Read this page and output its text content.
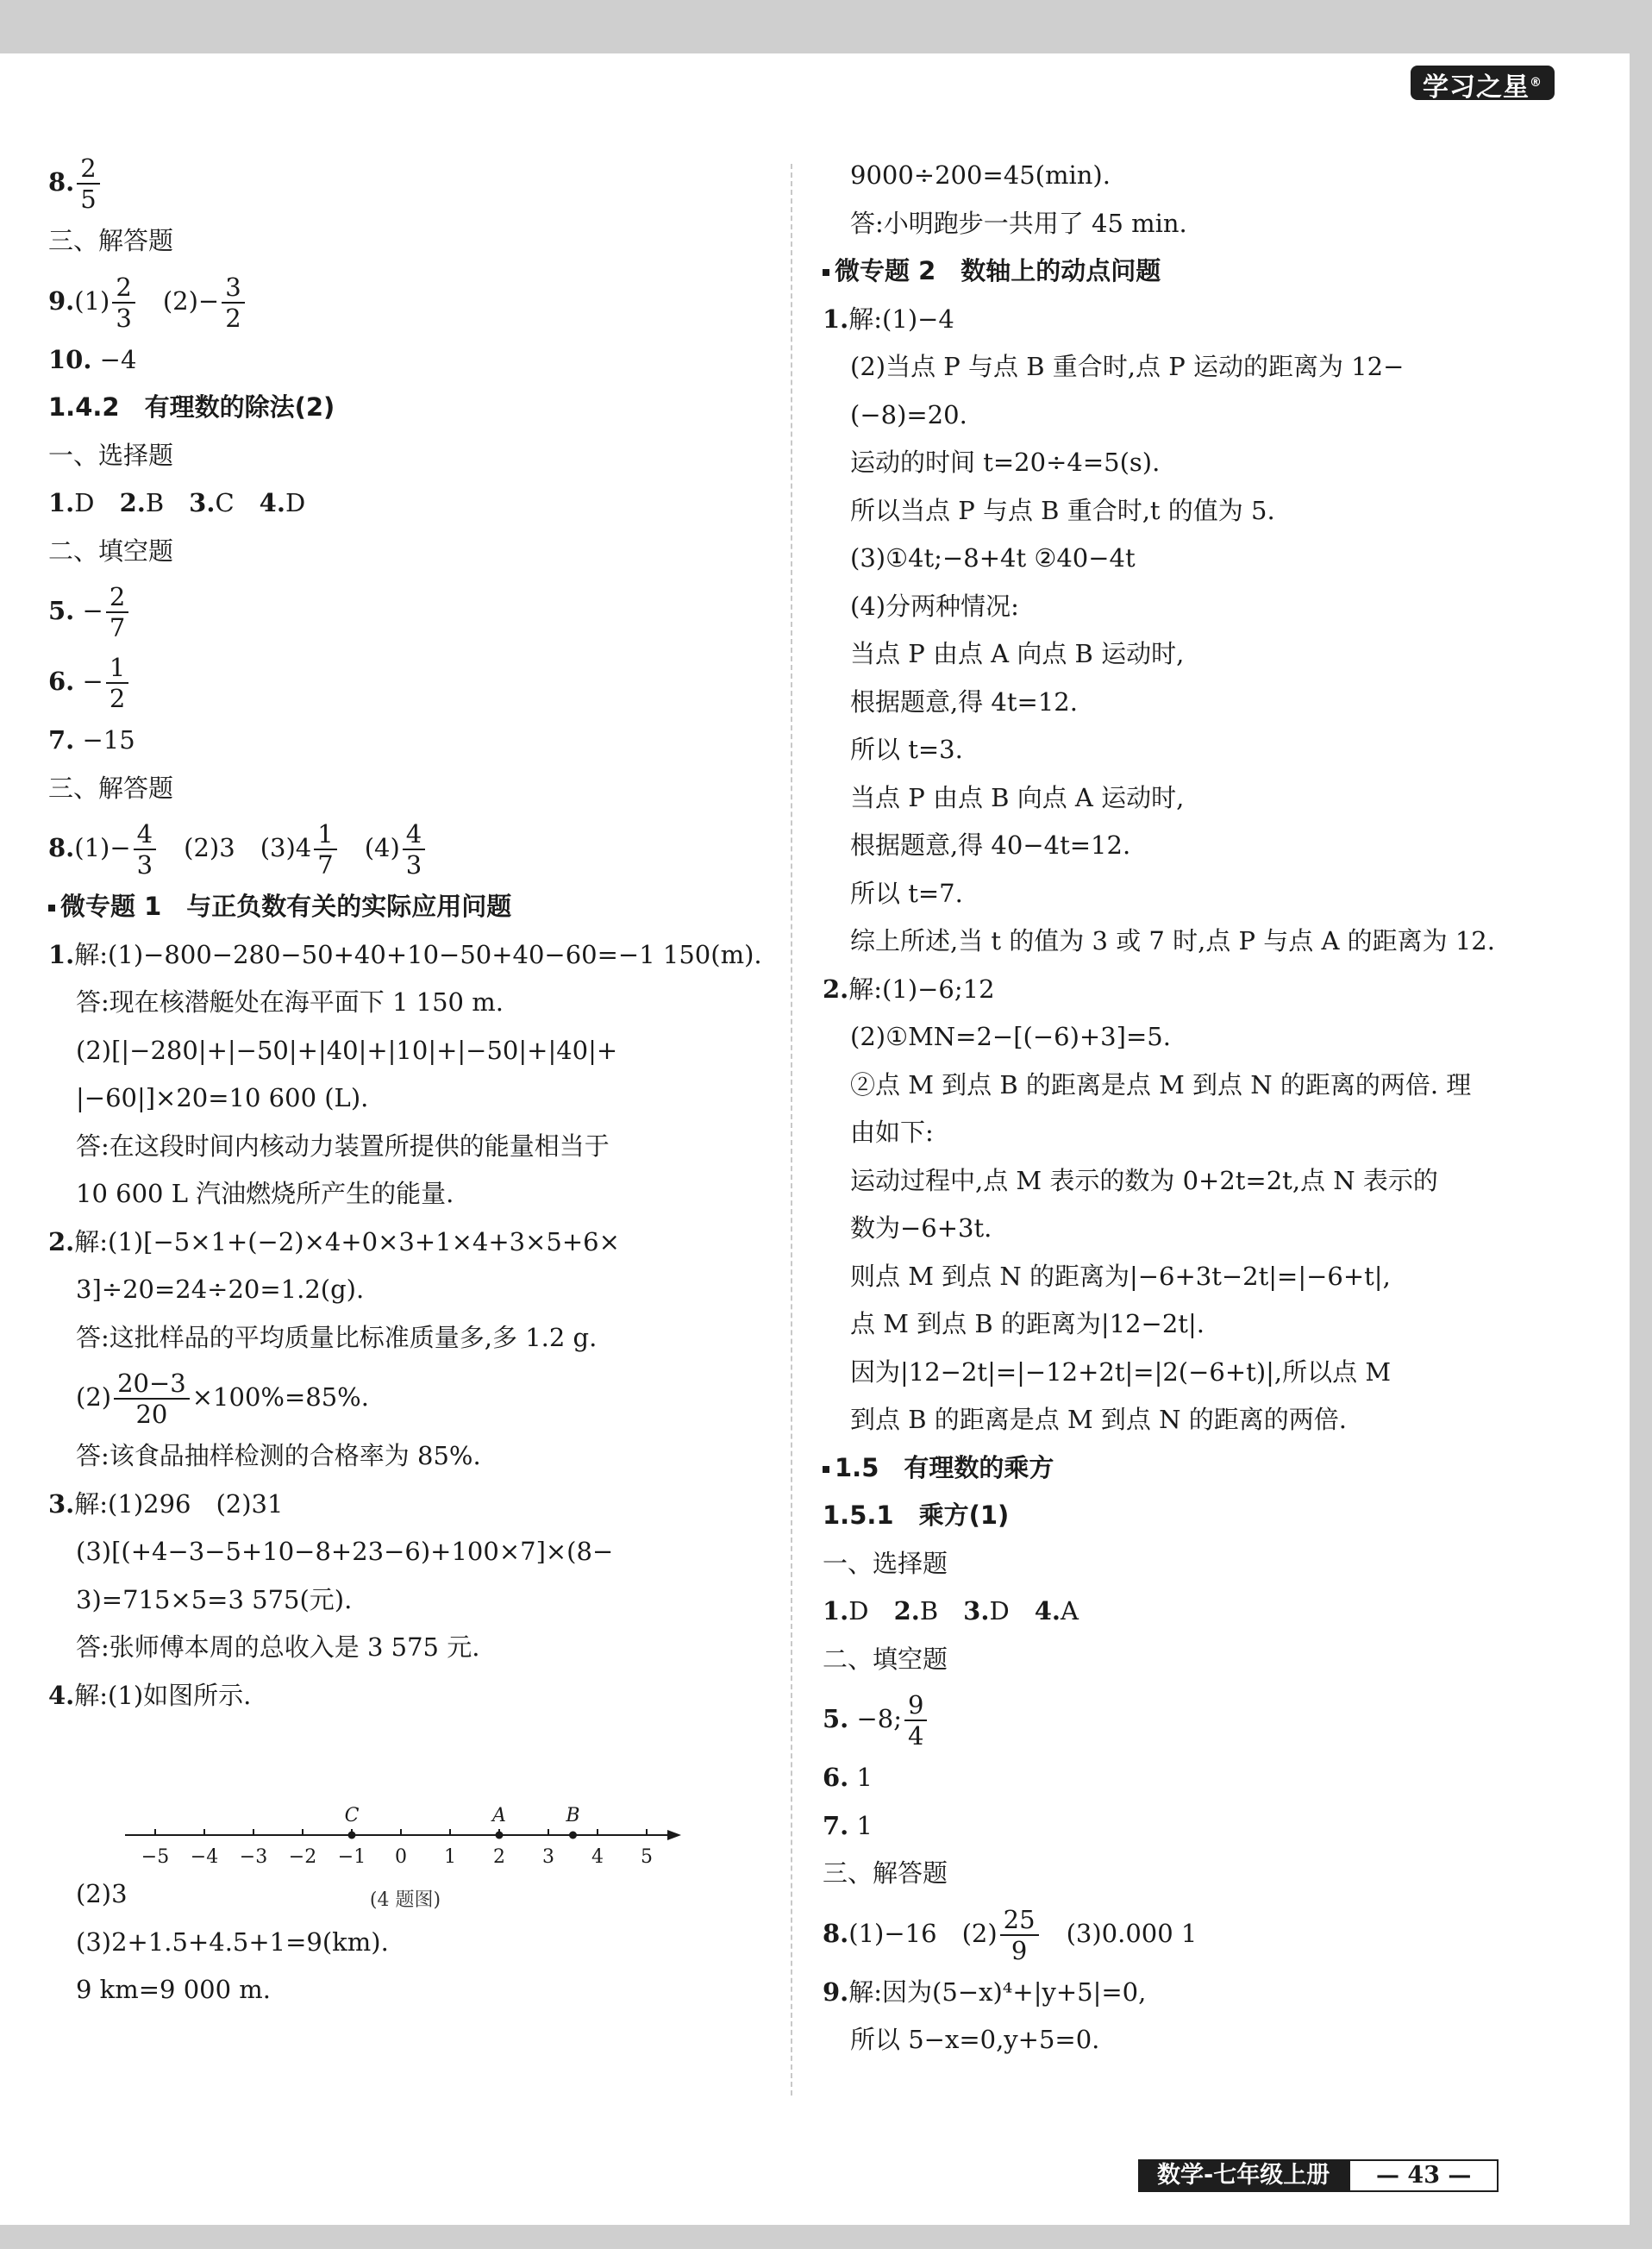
学习之星®
8. $\frac{2}{5}$
三、解答题
$9.(1) \frac{2}{3}$
　 $(2)- \frac{3}{2}$
10. −4
1.4.2　有理数的除法(2)
一、选择题
1.D　 2.B　 3.C　 4.D
二、填空题
5. − $\frac{2}{7}$
6. − $\frac{1}{2}$
7. −15
三、解答题
$8.(1)- \frac{4}{3}$
　 (2)3　 $(3)4 \frac{1}{7}$
　 $(4) \frac{4}{3}$
微专题 1　与正负数有关的实际应用问题
1.解:(1)−800−280−50+40+10−50+40−60=−1 150(m).
答:现在核潜艇处在海平面下 1 150 m.
(2)[|−280|+|−50|+|40|+|10|+|−50|+|40|+
|−60|]×20=10 600 (L).
答:在这段时间内核动力装置所提供的能量相当于
10 600 L 汽油燃烧所产生的能量.
2.解:(1)[−5×1+(−2)×4+0×3+1×4+3×5+6×
3]÷20=24÷20=1.2(g).
答:这批样品的平均质量比标准质量多,多 1.2 g.
$(2) \frac{20-3}{20} \times 100\%=85\%$.
答:该食品抽样检测的合格率为 85%.
3.解:(1)296　(2)31
(3)[(+4−3−5+10−8+23−6)+100×7]×(8−
3)=715×5=3 575(元).
答:张师傅本周的总收入是 3 575 元.
4.解:(1)如图所示.
(2)3
(3)2+1.5+4.5+1=9(km).
9 km=9 000 m.
−5 −4 −3 −2 −1 0 1 2 3 4 5
C	A	B
(4 题图)
9000÷200=45(min).
答:小明跑步一共用了 45 min.
微专题 2　数轴上的动点问题
1.解:(1)−4
(2)当点 P 与点 B 重合时,点 P 运动的距离为 12−
(−8)=20.
运动的时间 t=20÷4=5(s).
所以当点 P 与点 B 重合时,t 的值为 5.
(3)①4t;−8+4t ②40−4t
(4)分两种情况:
当点 P 由点 A 向点 B 运动时,
根据题意,得 4t=12.
所以 t=3.
当点 P 由点 B 向点 A 运动时,
根据题意,得 40−4t=12.
所以 t=7.
综上所述,当 t 的值为 3 或 7 时,点 P 与点 A 的距离为 12.
2.解:(1)−6;12
(2)①MN=2−[(−6)+3]=5.
②点 M 到点 B 的距离是点 M 到点 N 的距离的两倍. 理
由如下:
运动过程中,点 M 表示的数为 0+2t=2t,点 N 表示的
数为−6+3t.
则点 M 到点 N 的距离为|−6+3t−2t|=|−6+t|,
点 M 到点 B 的距离为|12−2t|.
因为|12−2t|=|−12+2t|=|2(−6+t)|,所以点 M
到点 B 的距离是点 M 到点 N 的距离的两倍.
1.5　有理数的乘方
1.5.1　乘方(1)
一、选择题
1.D　 2.B　 3.D　 4.A
二、填空题
5. −8; $\frac{9}{4}$
6. 1
7. 1
三、解答题
8.(1)−16　 $(2) \frac{25}{9}$
　 (3)0.000 1
9.解:因为(5−x)⁴+|y+5|=0,
所以 5−x=0,y+5=0.
数学-七年级上册	— 43 —
